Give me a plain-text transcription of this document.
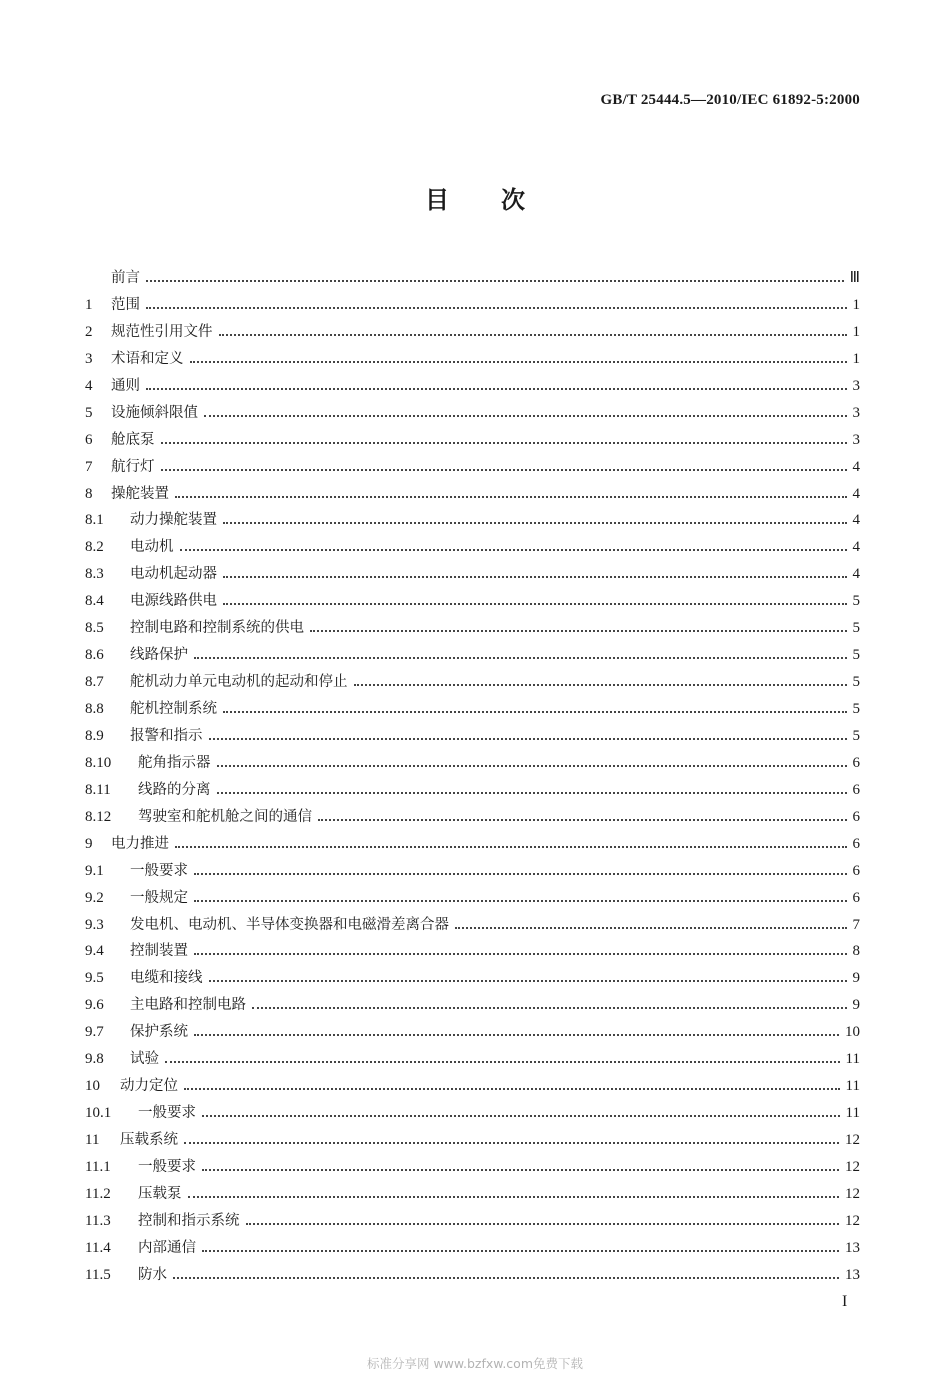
GB/T 25444.5—2010/IEC 61892-5:2000
目次
前言	Ⅲ
1	范围	1
2	规范性引用文件	1
3	术语和定义	1
4	通则	3
5	设施倾斜限值	3
6	舱底泵	3
7	航行灯	4
8	操舵装置	4
8.1	动力操舵装置	4
8.2	电动机	4
8.3	电动机起动器	4
8.4	电源线路供电	5
8.5	控制电路和控制系统的供电	5
8.6	线路保护	5
8.7	舵机动力单元电动机的起动和停止	5
8.8	舵机控制系统	5
8.9	报警和指示	5
8.10	舵角指示器	6
8.11	线路的分离	6
8.12	驾驶室和舵机舱之间的通信	6
9	电力推进	6
9.1	一般要求	6
9.2	一般规定	6
9.3	发电机、电动机、半导体变换器和电磁滑差离合器	7
9.4	控制装置	8
9.5	电缆和接线	9
9.6	主电路和控制电路	9
9.7	保护系统	10
9.8	试验	11
10	动力定位	11
10.1	一般要求	11
11	压载系统	12
11.1	一般要求	12
11.2	压载泵	12
11.3	控制和指示系统	12
11.4	内部通信	13
11.5	防水	13
I
标准分享网 www.bzfxw.com免费下载
